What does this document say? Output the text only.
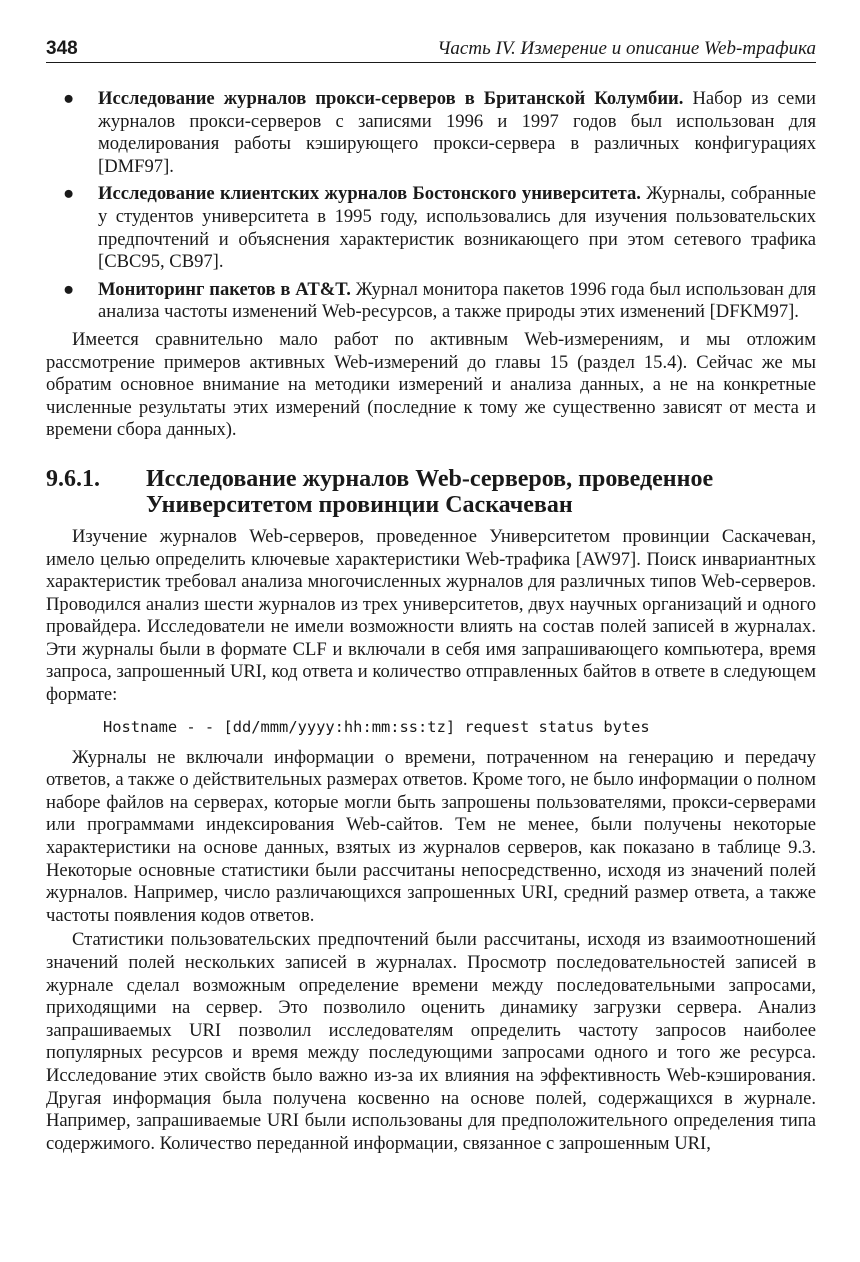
348	Часть IV. Измерение и описание Web-трафика
● Исследование журналов прокси-серверов в Британской Колумбии. Набор из семи журналов прокси-серверов с записями 1996 и 1997 годов был использован для моделирования работы кэширующего прокси-сервера в различных конфигурациях [DMF97].
● Исследование клиентских журналов Бостонского университета. Журналы, собранные у студентов университета в 1995 году, использовались для изучения пользовательских предпочтений и объяснения характеристик возникающего при этом сетевого трафика [CBC95, CB97].
● Мониторинг пакетов в AT&T. Журнал монитора пакетов 1996 года был использован для анализа частоты изменений Web-ресурсов, а также природы этих изменений [DFKM97].

Имеется сравнительно мало работ по активным Web-измерениям, и мы отложим рассмотрение примеров активных Web-измерений до главы 15 (раздел 15.4). Сейчас же мы обратим основное внимание на методики измерений и анализа данных, а не на конкретные численные результаты этих измерений (последние к тому же существенно зависят от места и времени сбора данных).

9.6.1. Исследование журналов Web-серверов, проведенное
Университетом провинции Саскачеван

Изучение журналов Web-серверов, проведенное Университетом провинции Саскачеван, имело целью определить ключевые характеристики Web-трафика [AW97]. Поиск инвариантных характеристик требовал анализа многочисленных журналов для различных типов Web-серверов. Проводился анализ шести журналов из трех университетов, двух научных организаций и одного провайдера. Исследователи не имели возможности влиять на состав полей записей в журналах. Эти журналы были в формате CLF и включали в себя имя запрашивающего компьютера, время запроса, запрошенный URI, код ответа и количество отправленных байтов в ответе в следующем формате:

Hostname - - [dd/mmm/yyyy:hh:mm:ss:tz] request status bytes

Журналы не включали информации о времени, потраченном на генерацию и передачу ответов, а также о действительных размерах ответов. Кроме того, не было информации о полном наборе файлов на серверах, которые могли быть запрошены пользователями, прокси-серверами или программами индексирования Web-сайтов. Тем не менее, были получены некоторые характеристики на основе данных, взятых из журналов серверов, как показано в таблице 9.3. Некоторые основные статистики были рассчитаны непосредственно, исходя из значений полей журналов. Например, число различающихся запрошенных URI, средний размер ответа, а также частоты появления кодов ответов.

Статистики пользовательских предпочтений были рассчитаны, исходя из взаимоотношений значений полей нескольких записей в журналах. Просмотр последовательностей записей в журнале сделал возможным определение времени между последовательными запросами, приходящими на сервер. Это позволило оценить динамику загрузки сервера. Анализ запрашиваемых URI позволил исследователям определить частоту запросов наиболее популярных ресурсов и время между последующими запросами одного и того же ресурса. Исследование этих свойств было важно из-за их влияния на эффективность Web-кэширования. Другая информация была получена косвенно на основе полей, содержащихся в журнале. Например, запрашиваемые URI были использованы для предположительного определения типа содержимого. Количество переданной информации, связанное с запрошенным URI,
